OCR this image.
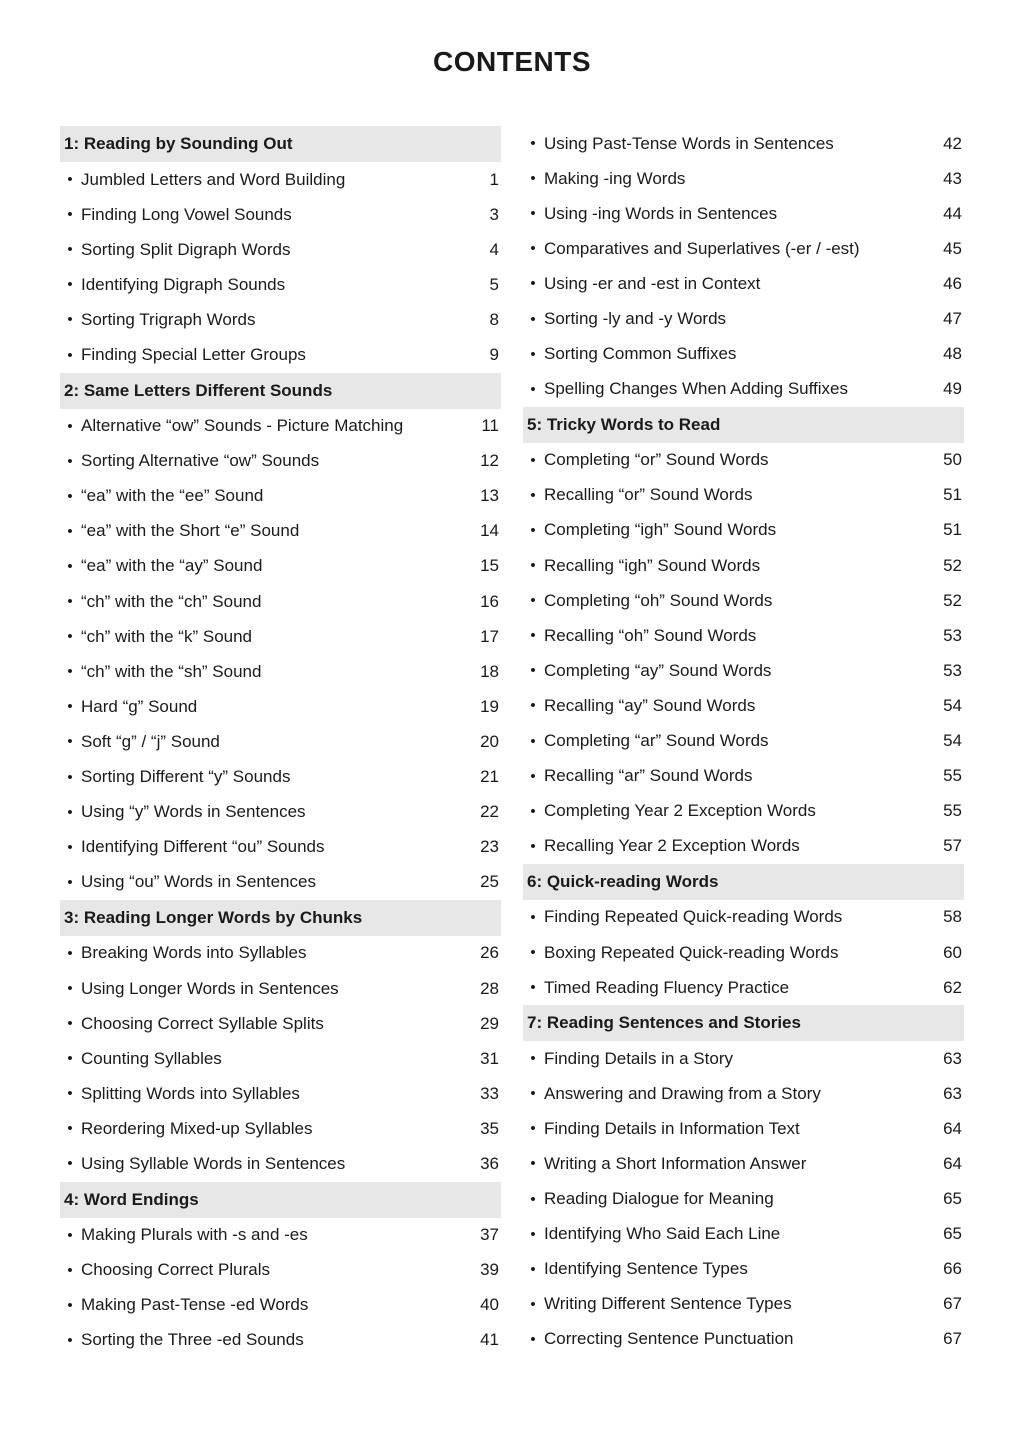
CONTENTS
1: Reading by Sounding Out
• Jumbled Letters and Word Building	1
• Finding Long Vowel Sounds	3
• Sorting Split Digraph Words	4
• Identifying Digraph Sounds	5
• Sorting Trigraph Words	8
• Finding Special Letter Groups	9
2: Same Letters Different Sounds
• Alternative “ow” Sounds - Picture Matching	11
• Sorting Alternative “ow” Sounds	12
• “ea” with the “ee” Sound	13
• “ea” with the Short “e” Sound	14
• “ea” with the “ay” Sound	15
• “ch” with the “ch” Sound	16
• “ch” with the “k” Sound	17
• “ch” with the “sh” Sound	18
• Hard “g” Sound	19
• Soft “g” / “j” Sound	20
• Sorting Different “y” Sounds	21
• Using “y” Words in Sentences	22
• Identifying Different “ou” Sounds	23
• Using “ou” Words in Sentences	25
3: Reading Longer Words by Chunks
• Breaking Words into Syllables	26
• Using Longer Words in Sentences	28
• Choosing Correct Syllable Splits	29
• Counting Syllables	31
• Splitting Words into Syllables	33
• Reordering Mixed-up Syllables	35
• Using Syllable Words in Sentences	36
4: Word Endings
• Making Plurals with -s and -es	37
• Choosing Correct Plurals	39
• Making Past-Tense -ed Words	40
• Sorting the Three -ed Sounds	41
• Using Past-Tense Words in Sentences	42
• Making -ing Words	43
• Using -ing Words in Sentences	44
• Comparatives and Superlatives (-er / -est)	45
• Using -er and -est in Context	46
• Sorting -ly and -y Words	47
• Sorting Common Suffixes	48
• Spelling Changes When Adding Suffixes	49
5: Tricky Words to Read
• Completing “or” Sound Words	50
• Recalling “or” Sound Words	51
• Completing “igh” Sound Words	51
• Recalling “igh” Sound Words	52
• Completing “oh” Sound Words	52
• Recalling “oh” Sound Words	53
• Completing “ay” Sound Words	53
• Recalling “ay” Sound Words	54
• Completing “ar” Sound Words	54
• Recalling “ar” Sound Words	55
• Completing Year 2 Exception Words	55
• Recalling Year 2 Exception Words	57
6: Quick-reading Words
• Finding Repeated Quick-reading Words	58
• Boxing Repeated Quick-reading Words	60
• Timed Reading Fluency Practice	62
7: Reading Sentences and Stories
• Finding Details in a Story	63
• Answering and Drawing from a Story	63
• Finding Details in Information Text	64
• Writing a Short Information Answer	64
• Reading Dialogue for Meaning	65
• Identifying Who Said Each Line	65
• Identifying Sentence Types	66
• Writing Different Sentence Types	67
• Correcting Sentence Punctuation	67
